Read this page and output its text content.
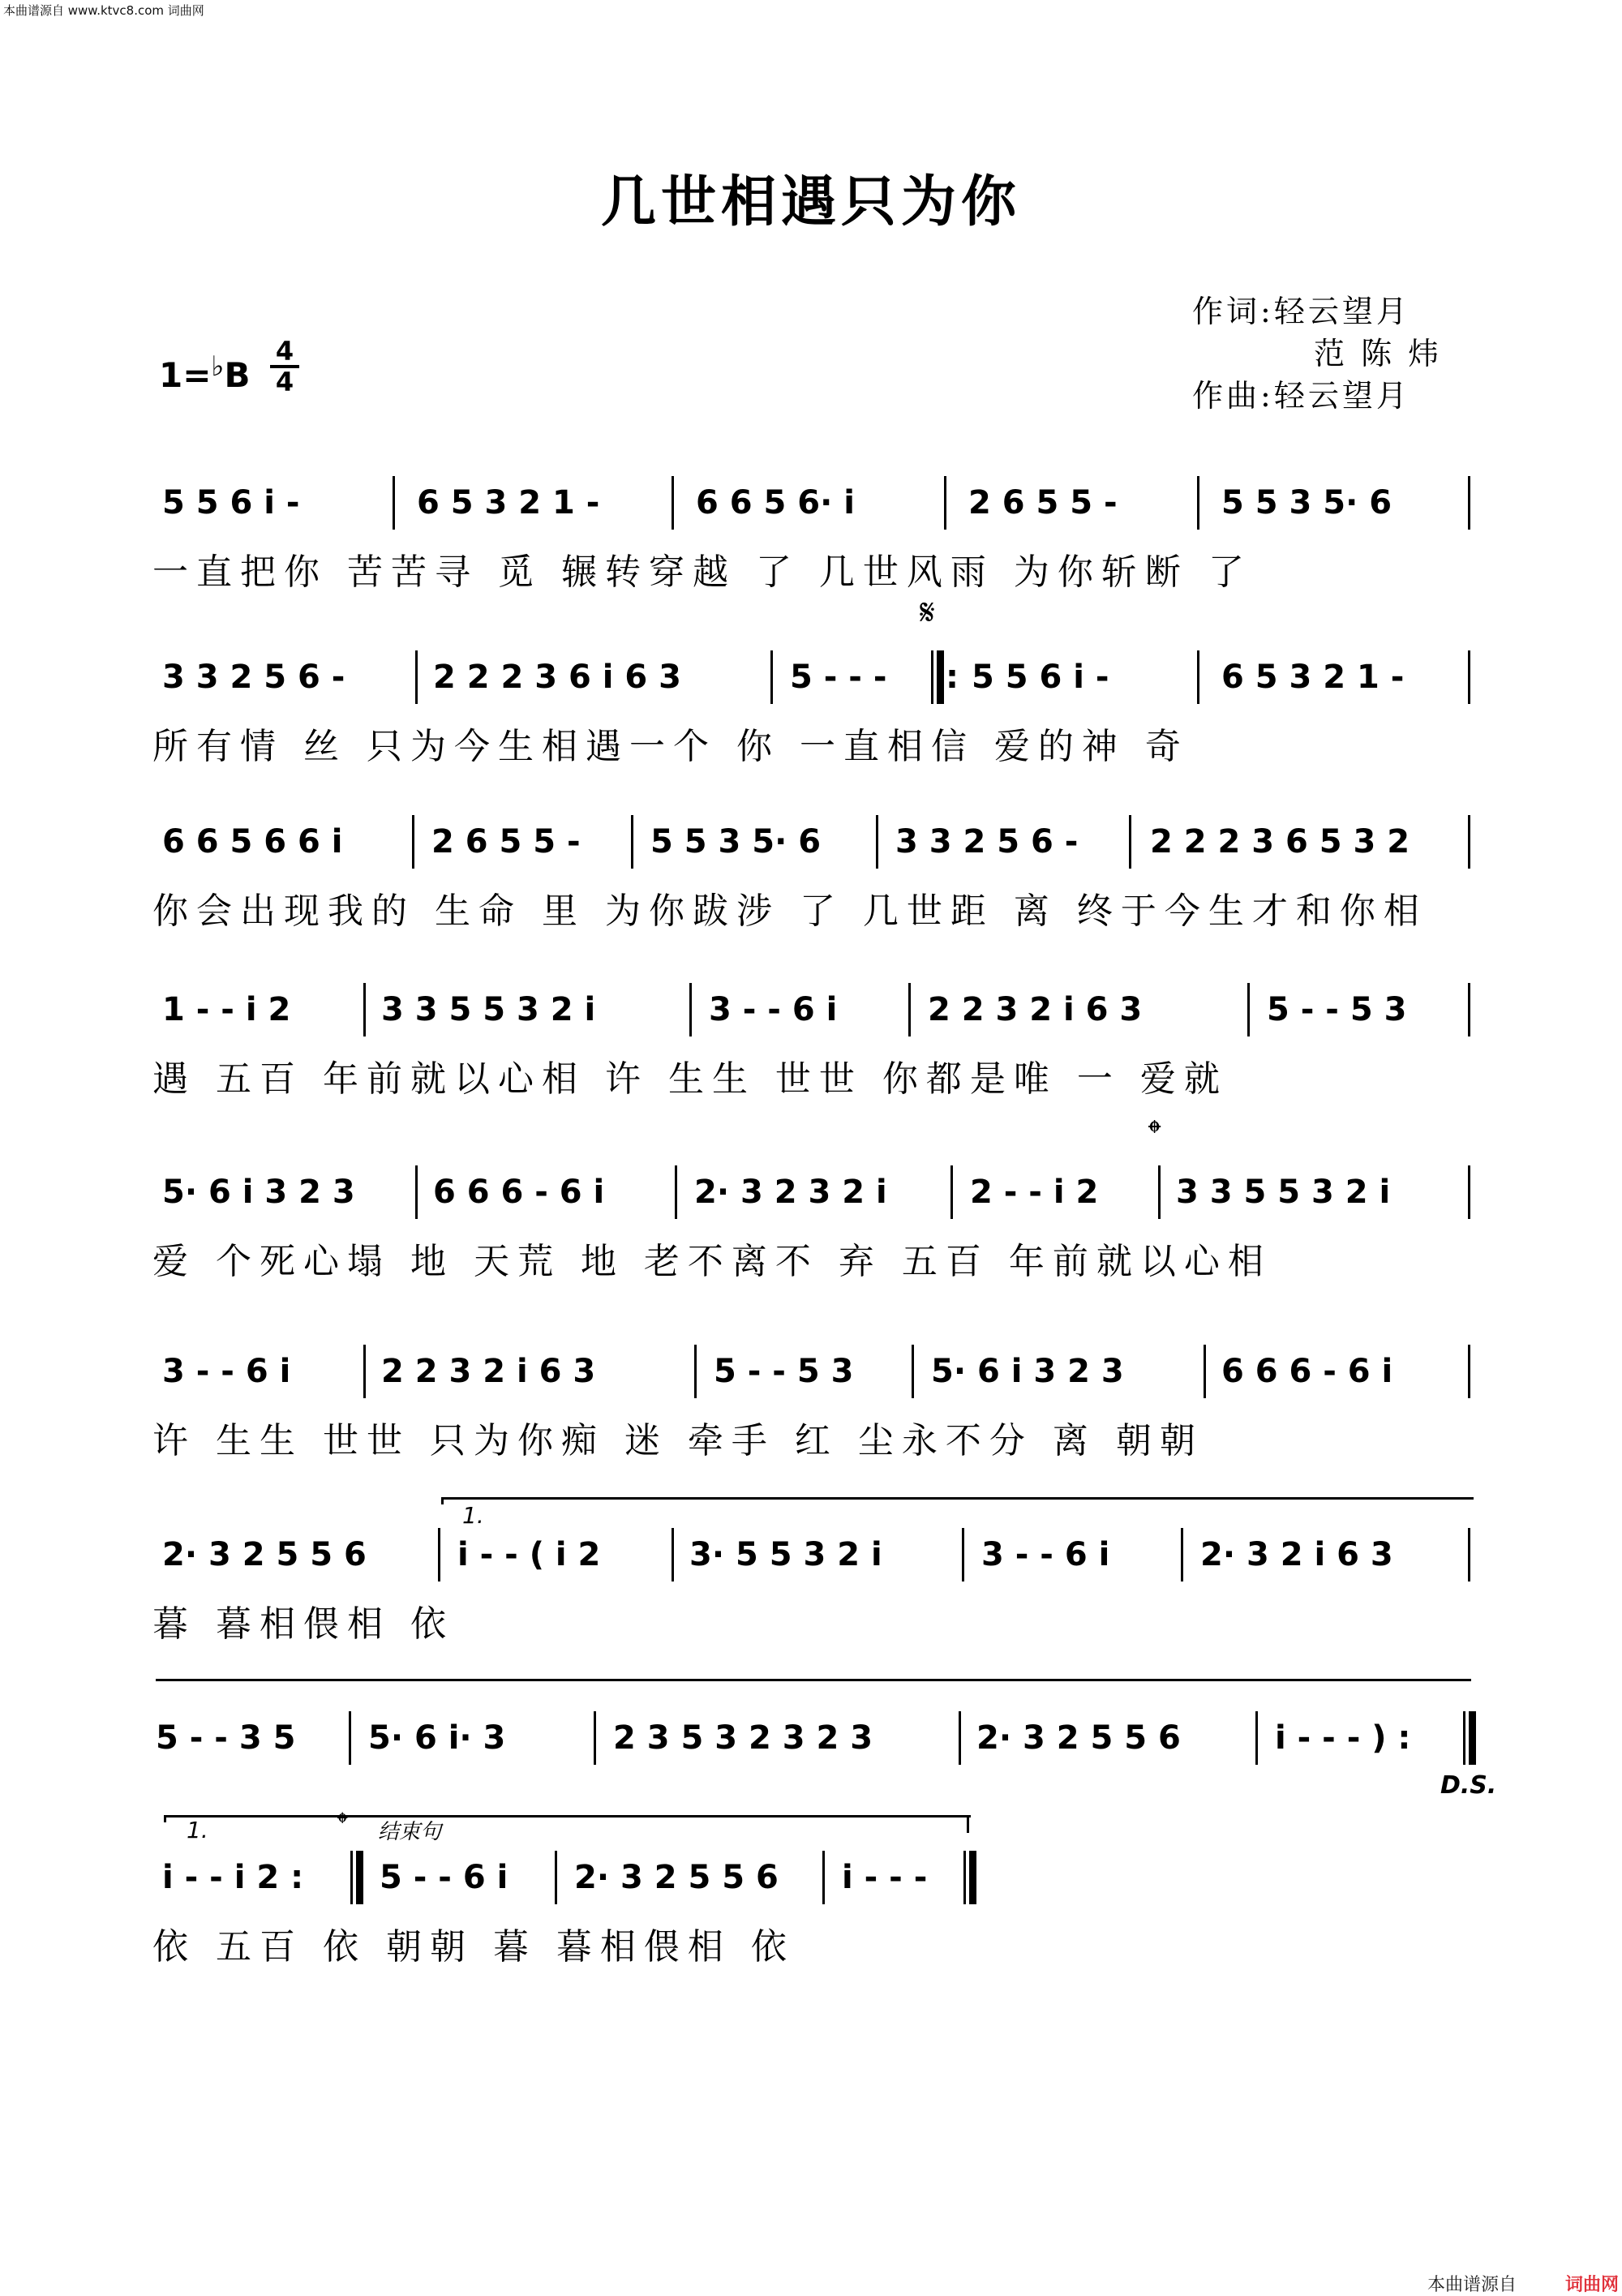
本曲谱源自 www.ktvc8.com 词曲网
几世相遇只为你
$1=^♭B \frac{4}{4}$
作词:轻云望月
范 陈 炜
作曲:轻云望月
5 5 6 i -	6 5 3 2 1 -	6 6 5 6· i	2 6 5 5 -	5 5 3 5· 6
一直把你 苦苦寻 觅 辗转穿越 了 几世风雨 为你斩断 了
3 3 2 5 6 -	2 2 2 3 6 i 6 3	5 - - - : 5 5 6 i -	6 5 3 2 1 -
所有情 丝 只为今生相遇一个 你 一直相信 爱的神 奇
𝄋
6 6 5 6 6 i	2 6 5 5 - 5 5 3 5· 6 3 3 2 5 6 - 2 2 2 3 6 5 3 2
你会出现我的 生命 里 为你跋涉 了 几世距 离 终于今生才和你相
1 - - i 2	3 3 5 5 3 2 i	3 - - 6 i	2 2 3 2 i 6 3	5 - - 5 3
遇 五百 年前就以心相 许 生生 世世 你都是唯 一 爱就
5· 6 i 3 2 3 6 6 6 - 6 i	2· 3 2 3 2 i	2 - - i 2 3 3 5 5 3 2 i
爱 个死心塌 地 天荒 地 老不离不 弃 五百 年前就以心相
𝄌
3 - - 6 i	2 2 3 2 i 6 3	5 - - 5 3 5· 6 i 3 2 3	6 6 6 - 6 i
许 生生 世世 只为你痴 迷 牵手 红 尘永不分 离 朝朝
1.
2· 3 2 5 5 6	i - - ( i 2	3· 5 5 3 2 i	3 - - 6 i	2· 3 2 i 6 3
暮 暮相偎相 依
5 - - 3 5 5· 6 i· 3	2 3 5 3 2 3 2 3	2· 3 2 5 5 6	i - - - ) :
D.S.
1.	𝄌 结束句
i - - i 2 : 5 - - 6 i 2· 3 2 5 5 6 i - - -
依 五百 依 朝朝 暮 暮相偎相 依
本曲谱源自	词曲网
